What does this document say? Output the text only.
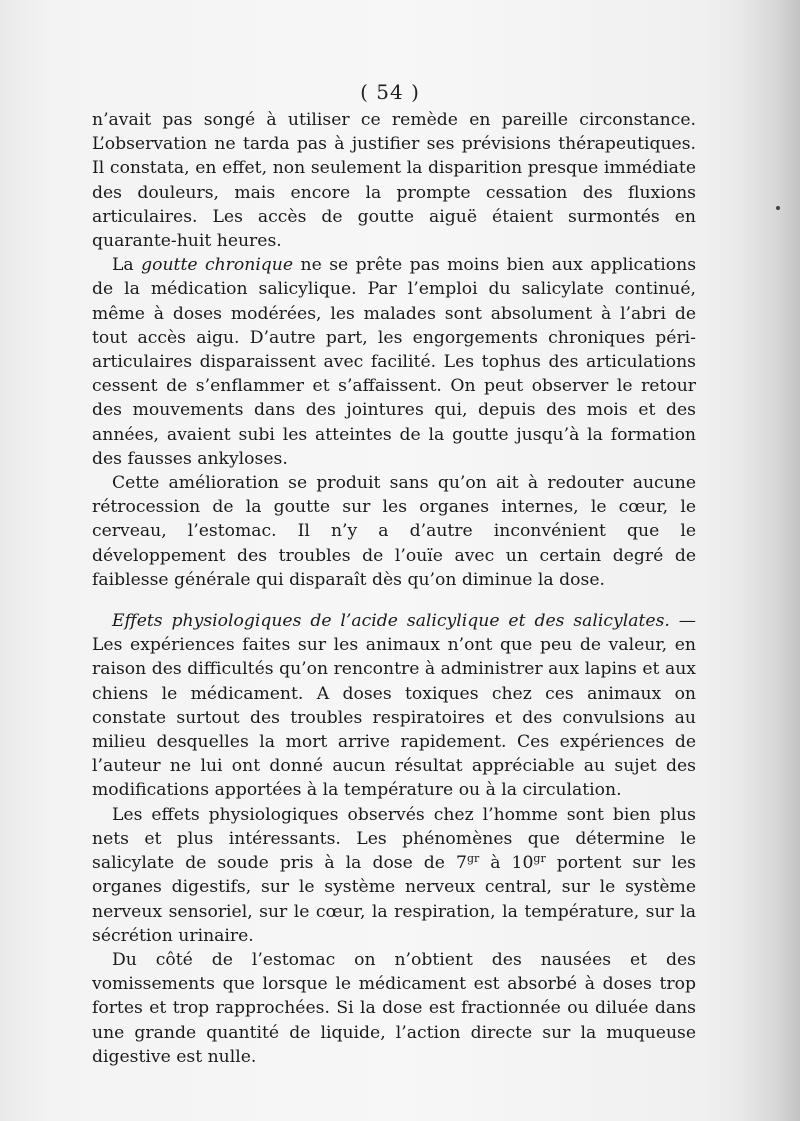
( 54 )

n’avait pas songé à utiliser ce remède en pareille circonstance. L’observation ne tarda pas à justifier ses prévisions thérapeutiques. Il constata, en effet, non seulement la disparition presque immédiate des douleurs, mais encore la prompte cessation des fluxions articulaires. Les accès de goutte aiguë étaient surmontés en quarante-huit heures.

La goutte chronique ne se prête pas moins bien aux applications de la médication salicylique. Par l’emploi du salicylate continué, même à doses modérées, les malades sont absolument à l’abri de tout accès aigu. D’autre part, les engorgements chroniques péri-articulaires disparaissent avec facilité. Les tophus des articulations cessent de s’enflammer et s’affaissent. On peut observer le retour des mouvements dans des jointures qui, depuis des mois et des années, avaient subi les atteintes de la goutte jusqu’à la formation des fausses ankyloses.

Cette amélioration se produit sans qu’on ait à redouter aucune rétrocession de la goutte sur les organes internes, le cœur, le cerveau, l’estomac. Il n’y a d’autre inconvénient que le développement des troubles de l’ouïe avec un certain degré de faiblesse générale qui disparaît dès qu’on diminue la dose.

Effets physiologiques de l’acide salicylique et des salicylates. — Les expériences faites sur les animaux n’ont que peu de valeur, en raison des difficultés qu’on rencontre à administrer aux lapins et aux chiens le médicament. A doses toxiques chez ces animaux on constate surtout des troubles respiratoires et des convulsions au milieu desquelles la mort arrive rapidement. Ces expériences de l’auteur ne lui ont donné aucun résultat appréciable au sujet des modifications apportées à la température ou à la circulation.

Les effets physiologiques observés chez l’homme sont bien plus nets et plus intéressants. Les phénomènes que détermine le salicylate de soude pris à la dose de $7^{gr}$ à $10^{gr}$ portent sur les organes digestifs, sur le système nerveux central, sur le système nerveux sensoriel, sur le cœur, la respiration, la température, sur la sécrétion urinaire.

Du côté de l’estomac on n’obtient des nausées et des vomissements que lorsque le médicament est absorbé à doses trop fortes et trop rapprochées. Si la dose est fractionnée ou diluée dans une grande quantité de liquide, l’action directe sur la muqueuse digestive est nulle.
